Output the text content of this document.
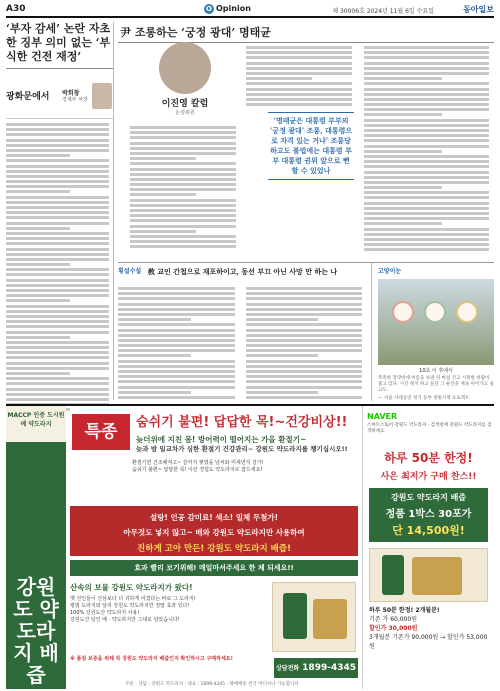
A30	O Opinion	제 30006호 2024년 11월 6일 수요일	동아일보
‘부자 감세’ 논란 자초한 징부 의미 없는 ‘부식한 건전 재정’
광화문에서	박희창
경제부 차장
尹 조롱하는 ‘궁정 광대’ 명태균
이진영 칼럼
논설위원
‘명태균은 대통령 부부의 ‘궁정 광대’ 조롱, 대통령으로 자격 있는 거냐’ 조롱당하고도 불법에는 대통령 부부 대통령 권위 앞으로 뻔 할 수 있었나
횡설수설 敎 교인 간첩으로 재포하이고, 동선 부끄 아닌 사망 만 하는 나	고양이눈
10초 이 후에서
촉촉한 장맛비에 여름을 보낸 뒤 마침 진고 시원한 바람이 불고 있다. 시간 정지 하고 싶던 그 순간을 계속 이어가고 싶고도.
— 서울 사대공연 경기 동부 정원시계 프로젝트
MACCP 인증 도시원예 약도라지
강원도 약도라지 배즙
특종	숨쉬기 불편! 답답한 목!~건강비상!!
늦더위에 지친 몸! 방어력이 떨어지는 가을 환절기~
늦과 밤 일교차가 심한 환절기 건강관리~ 강원도 약도라지를 챙기십시오!!
환절기면 건조해져고~ 갈까지 쌓였을 날씨와 미세먼지 걸가!
숨쉬기 불편~ 답답한 목! 이런 경험도 약도라지로 잡으세요!
설탕! 인공 감미료! 색소! 일체 무첨가!
아무것도 넣지 않고~ 배와 강원도 약도라지만 사용하여
진하게 고아 만든! 강원도 약도라지 배즙!
효과 빨리 보기위해! 매일마셔주세요 한 체 되세요!!
산속의 보물 강원도 약도라지가 왔다!
옛 선인들이 산삼보다 더 귀하게 여겼다는 바로 그 도라지!
평범 도라지와 달리 강원도 약도라지만 정말 효과 있다!
100% 강원도산 약도라지 사용!
강원도산 달인 배 · 약도라지만 그대로 담았습니다!
※ 품질 보증을 위해 꼭 강원도 약도라지 배즙인지 확인하시고 구매하세요!
상담전화 1899-4345
주문 · 상담 : 강원도 약도라지 · 대표 : 1899-4345 · 택배배송 전국 어디서나 가능합니다
NAVER
스마트스토어 강원도 약도라지 · 검색창에 강원도 약도라지를 검색하세요
하루 50분 한정!
사은 최저가 구매 찬스!!
강원도 약도라지 배즙
정품 1박스 30포가
단 14,500원!
하루 50분 한정! 2개월분!
기존 가 60,000원
할인가 30,000원
3개월분 기존가 90,000원 → 할인가 53,000원
